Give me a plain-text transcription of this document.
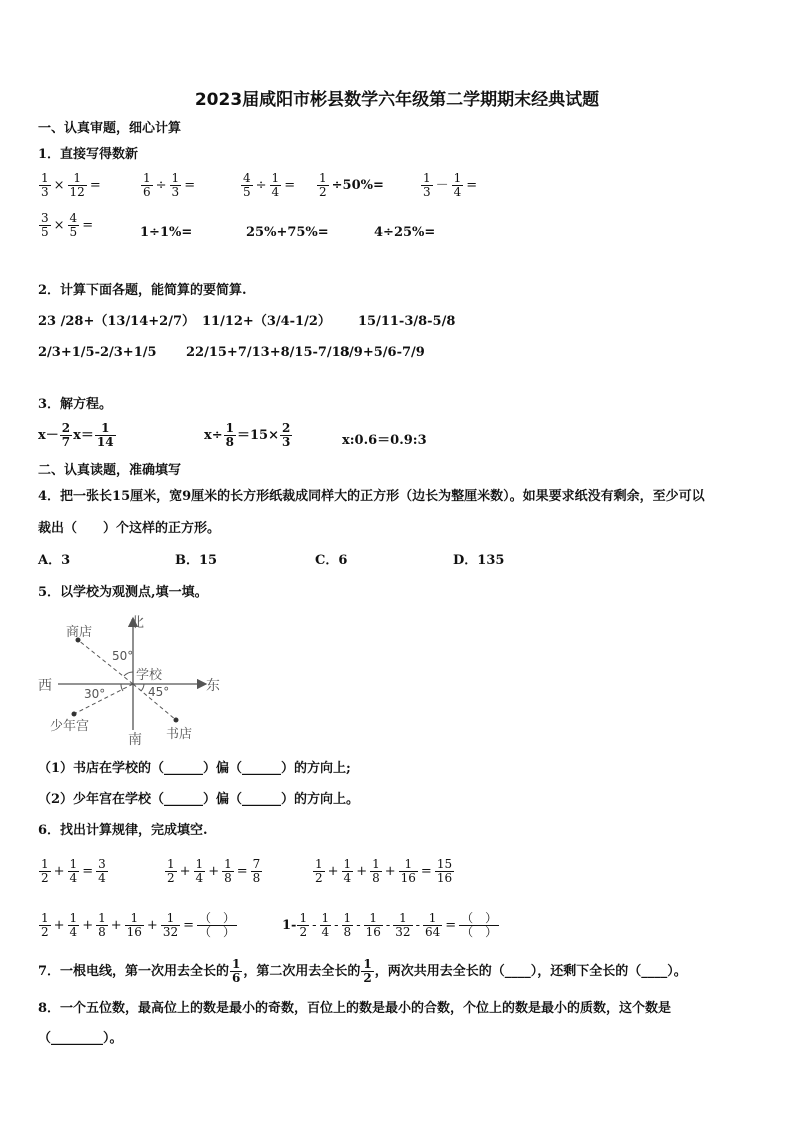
2023届咸阳市彬县数学六年级第二学期期末经典试题
一、认真审题，细心计算
1．直接写得数新
$\frac{1}{3} \times \frac{1}{12}$ =	$\frac{1}{6} \div \frac{1}{3}$ =	$\frac{4}{5} \div \frac{1}{4} = \frac{1}{2} \div 50\%=$	$\frac{1}{3} - \frac{1}{4}$ =
$\frac{3}{5} \times \frac{4}{5}$ =	1÷1%=	25%+75%=	4÷25%=
2．计算下面各题，能简算的要简算.
23 /28+（13/14+2/7） 11/12+（3/4-1/2） 15/11-3/8-5/8
2/3+1/5-2/3+1/5 22/15+7/13+8/15-7/13
8/9+5/6-7/9
3．解方程。
$x- \frac{2}{7} x= \frac{1}{14}$	$x\div \frac{1}{8} =15\times \frac{2}{3}$	x:0.6＝0.9:3
二、认真读题，准确填写
4．把一张长15厘米，宽9厘米的长方形纸裁成同样大的正方形（边长为整厘米数）。如果要求纸没有剩余，至少可以
裁出（　　）个这样的正方形。
A．3	B．15	C．6	D．135
5．以学校为观测点,填一填。
北
南
东
西
学校
商店
少年宫
书店
50°
30°	45°
（1）书店在学校的（______）偏（______）的方向上;
（2）少年宫在学校（______）偏（______）的方向上。
6．找出计算规律，完成填空.
$\frac{1}{2} + \frac{1}{4} = \frac{3}{4}$	$\frac{1}{2} + \frac{1}{4} + \frac{1}{8} = \frac{7}{8}$	$\frac{1}{2} + \frac{1}{4} + \frac{1}{8} + \frac{1}{16} = \frac{15}{16}$
$\frac{1}{2} + \frac{1}{4} + \frac{1}{8} + \frac{1}{16} + \frac{1}{32} = \frac{( )}{( )}$	$1- \frac{1}{2} - \frac{1}{4} - \frac{1}{8} - \frac{1}{16} - \frac{1}{32} - \frac{1}{64} = \frac{( )}{( )}$
7．一根电线，第一次用去全长的 $\frac{1}{6}$ ，第二次用去全长的 $\frac{1}{2}$ ，两次共用去全长的（____），还剩下全长的（____）。
8．一个五位数，最高位上的数是最小的奇数，百位上的数是最小的合数，个位上的数是最小的质数，这个数是
（________）。
